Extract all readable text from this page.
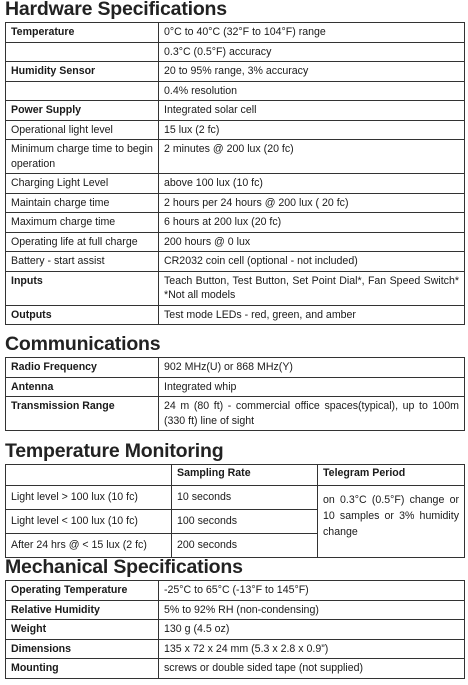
Hardware Specifications
Temperature	0°C to 40°C (32°F to 104°F) range
	0.3°C (0.5°F) accuracy
Humidity Sensor	20 to 95% range, 3% accuracy
	0.4% resolution
Power Supply	Integrated solar cell
Operational light level	15 lux (2 fc)
Minimum charge time to begin operation	2 minutes @ 200 lux (20 fc)
Charging Light Level	above 100 lux (10 fc)
Maintain charge time	2 hours per 24 hours @ 200 lux ( 20 fc)
Maximum charge time	6 hours at 200 lux (20 fc)
Operating life at full charge	200 hours @ 0 lux
Battery - start assist	CR2032 coin cell (optional - not included)
Inputs	Teach Button, Test Button, Set Point Dial*, Fan Speed Switch* *Not all models
Outputs	Test mode LEDs - red, green, and amber
Communications
Radio Frequency	902 MHz(U) or 868 MHz(Y)
Antenna	Integrated whip
Transmission Range	24 m (80 ft) - commercial office spaces(typical), up to 100m (330 ft) line of sight
Temperature Monitoring
	Sampling Rate	Telegram Period
Light level > 100 lux (10 fc)	10 seconds	on 0.3°C (0.5°F) change or 10 samples or 3% humidity change
Light level < 100 lux (10 fc)	100 seconds	
After 24 hrs @ < 15 lux (2 fc)	200 seconds	
Mechanical Specifications
Operating Temperature	-25°C to 65°C (-13°F to 145°F)
Relative Humidity	5% to 92% RH (non-condensing)
Weight	130 g (4.5 oz)
Dimensions	135 x 72 x 24 mm (5.3 x 2.8 x 0.9”)
Mounting	screws or double sided tape (not supplied)
